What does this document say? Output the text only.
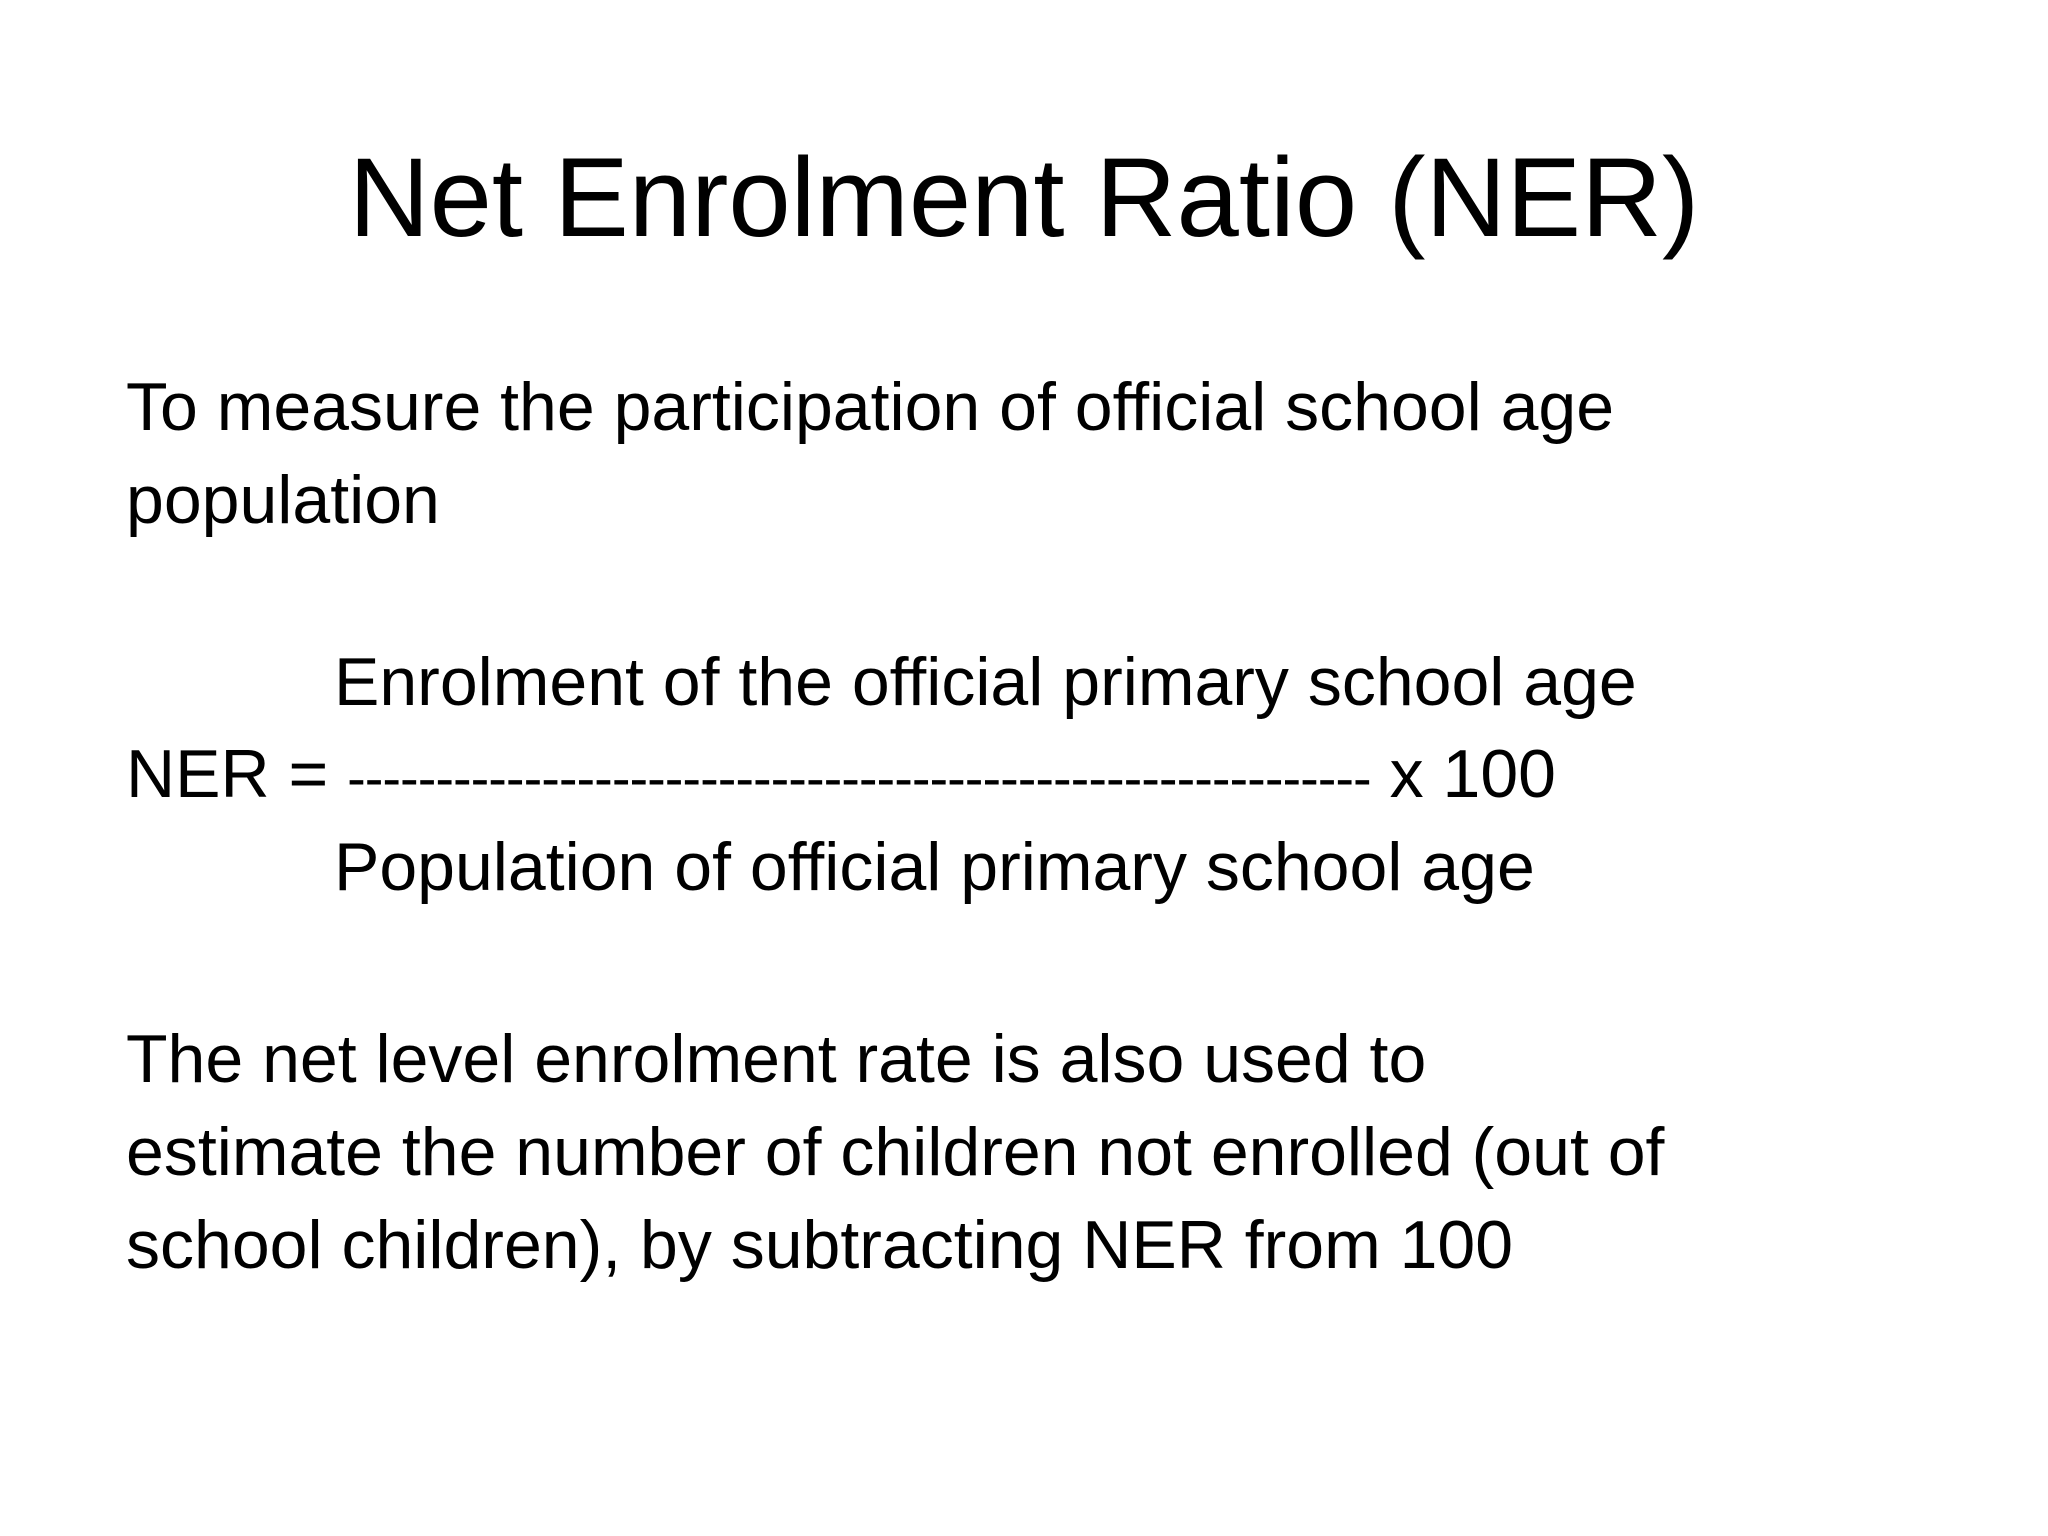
Net Enrolment Ratio (NER)
To measure the participation of official school age
population
Enrolment of the official primary school age
NER = ---------------------------------------------------------- x 100
Population of official primary school age
The net level enrolment rate is also used to
estimate the number of children not enrolled (out of
school children), by subtracting NER from 100
